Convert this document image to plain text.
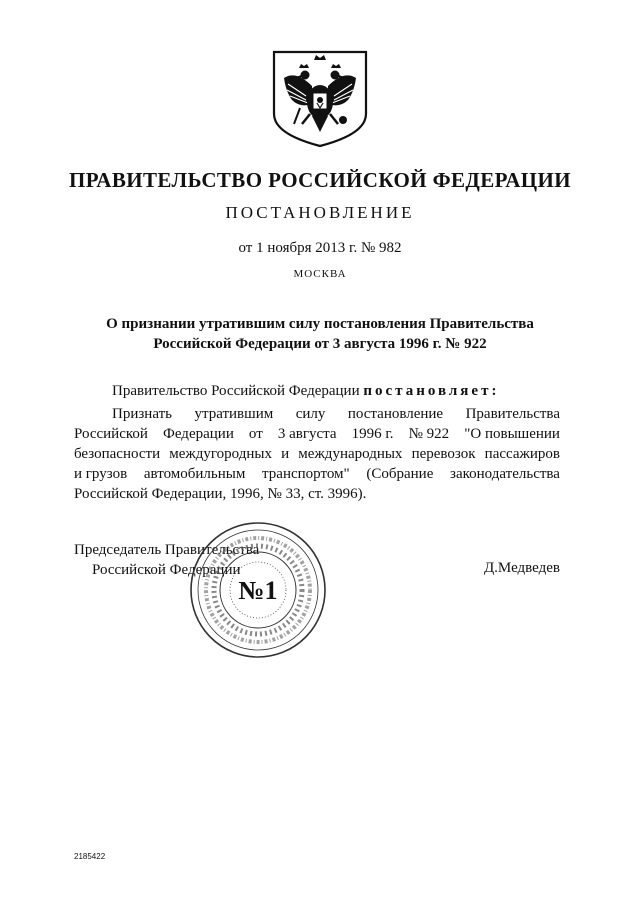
ПРАВИТЕЛЬСТВО РОССИЙСКОЙ ФЕДЕРАЦИИ
ПОСТАНОВЛЕНИЕ
от 1 ноября 2013 г. № 982
МОСКВА
О признании утратившим силу постановления Правительства
Российской Федерации от 3 августа 1996 г. № 922
Правительство Российской Федерации постановляет:
Признать утратившим силу постановление Правительства
Российской Федерации от 3 августа 1996 г. № 922 "О повышении
безопасности междугородных и международных перевозок пассажиров
и грузов автомобильным транспортом" (Собрание законодательства
Российской Федерации, 1996, № 33, ст. 3996).
Председатель Правительства
Российской Федерации
№1
Д.Медведев
2185422
